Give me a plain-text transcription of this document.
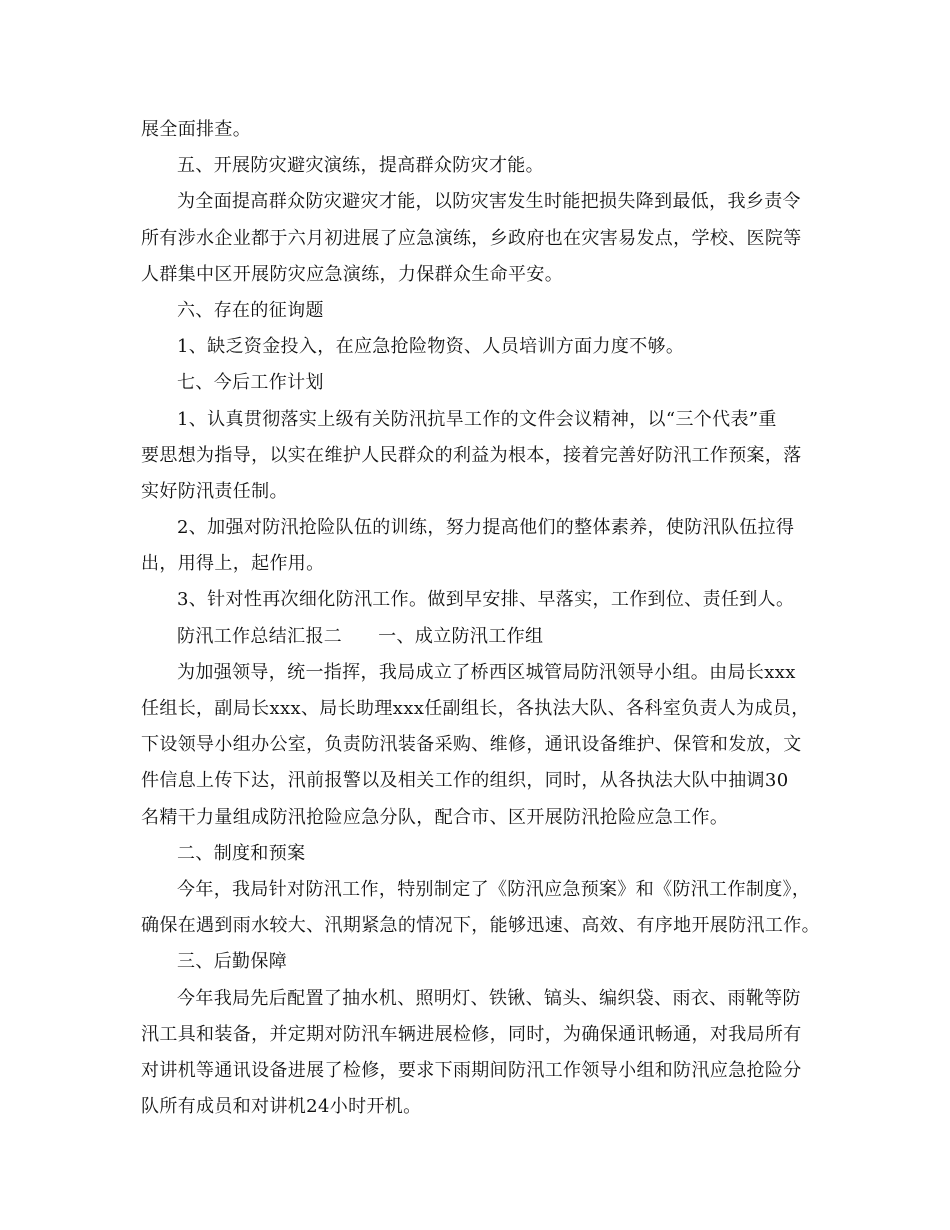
展全面排查。
五、开展防灾避灾演练，提高群众防灾才能。
为全面提高群众防灾避灾才能，以防灾害发生时能把损失降到最低，我乡责令
所有涉水企业都于六月初进展了应急演练，乡政府也在灾害易发点，学校、医院等
人群集中区开展防灾应急演练，力保群众生命平安。
六、存在的征询题
1、缺乏资金投入，在应急抢险物资、人员培训方面力度不够。
七、今后工作计划
1、认真贯彻落实上级有关防汛抗旱工作的文件会议精神，以“三个代表”重
要思想为指导，以实在维护人民群众的利益为根本，接着完善好防汛工作预案，落
实好防汛责任制。
2、加强对防汛抢险队伍的训练，努力提高他们的整体素养，使防汛队伍拉得
出，用得上，起作用。
3、针对性再次细化防汛工作。做到早安排、早落实，工作到位、责任到人。
防汛工作总结汇报二 一、成立防汛工作组
为加强领导，统一指挥，我局成立了桥西区城管局防汛领导小组。由局长xxx
任组长，副局长xxx、局长助理xxx任副组长，各执法大队、各科室负责人为成员，
下设领导小组办公室，负责防汛装备采购、维修，通讯设备维护、保管和发放，文
件信息上传下达，汛前报警以及相关工作的组织，同时，从各执法大队中抽调30
名精干力量组成防汛抢险应急分队，配合市、区开展防汛抢险应急工作。
二、制度和预案
今年，我局针对防汛工作，特别制定了《防汛应急预案》和《防汛工作制度》，
确保在遇到雨水较大、汛期紧急的情况下，能够迅速、高效、有序地开展防汛工作。
三、后勤保障
今年我局先后配置了抽水机、照明灯、铁锹、镐头、编织袋、雨衣、雨靴等防
汛工具和装备，并定期对防汛车辆进展检修，同时，为确保通讯畅通，对我局所有
对讲机等通讯设备进展了检修，要求下雨期间防汛工作领导小组和防汛应急抢险分
队所有成员和对讲机24小时开机。
